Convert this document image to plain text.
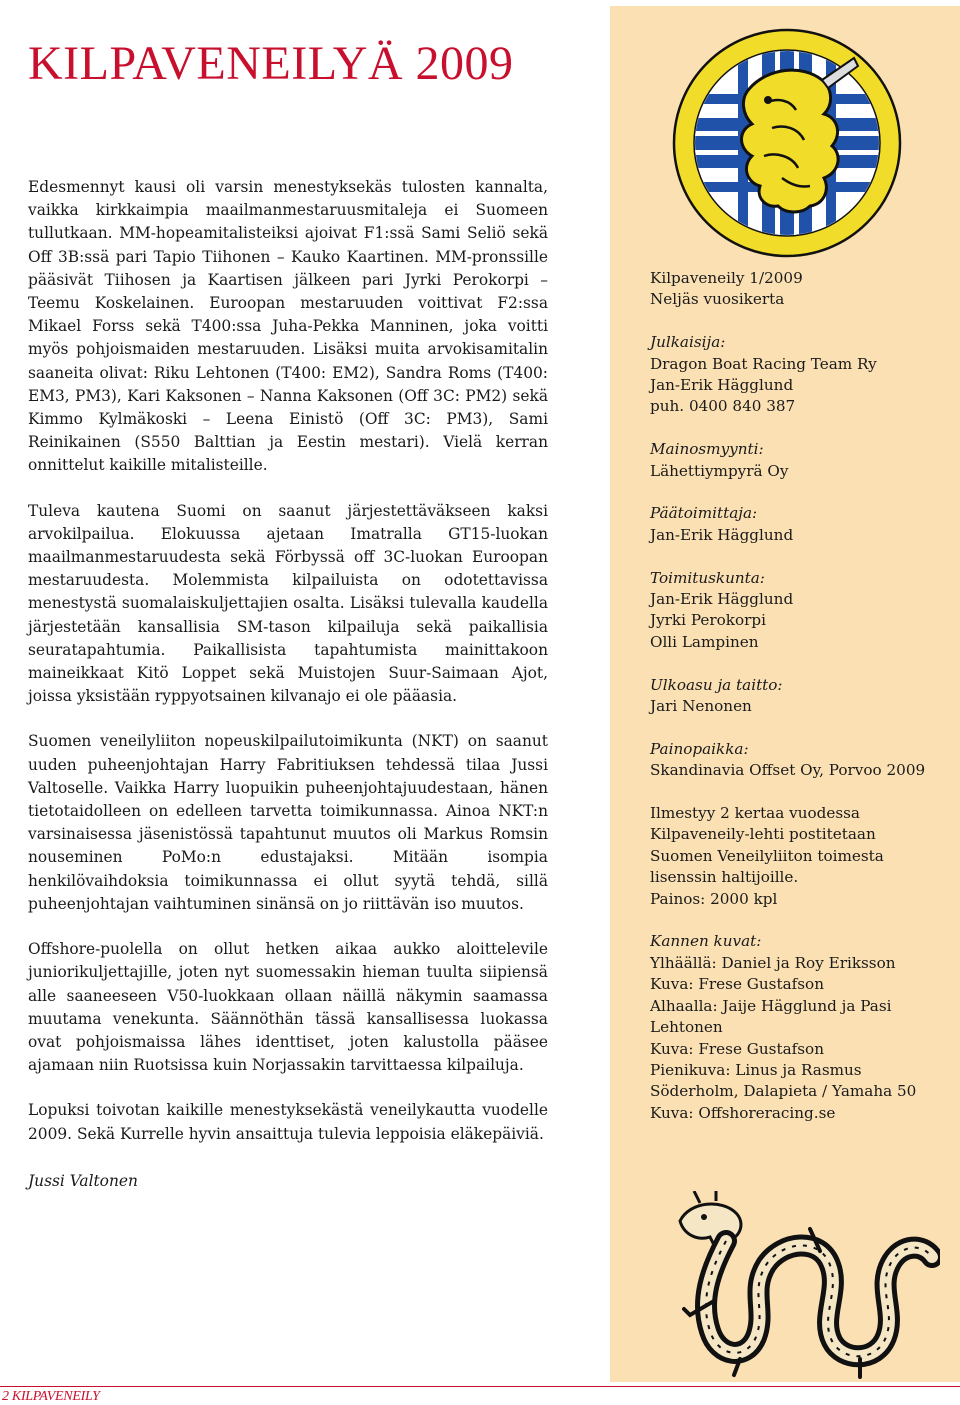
KILPAVENEILYÄ 2009

Edesmennyt kausi oli varsin menestyksekäs tulosten kannalta, vaikka kirkkaimpia maailmanmestaruusmitaleja ei Suomeen tullutkaan. MM-hopeamitalisteiksi ajoivat F1:ssä Sami Seliö sekä Off 3B:ssä pari Tapio Tiihonen – Kauko Kaartinen. MM-pronssille pääsivät Tiihosen ja Kaartisen jälkeen pari Jyrki Perokorpi – Teemu Koskelainen. Euroopan mestaruuden voittivat F2:ssa Mikael Forss sekä T400:ssa Juha-Pekka Manninen, joka voitti myös pohjoismaiden mestaruuden. Lisäksi muita arvokisamitalin saaneita olivat: Riku Lehtonen (T400: EM2), Sandra Roms (T400: EM3, PM3), Kari Kaksonen – Nanna Kaksonen (Off 3C: PM2) sekä Kimmo Kylmäkoski – Leena Einistö (Off 3C: PM3), Sami Reinikainen (S550 Balttian ja Eestin mestari). Vielä kerran onnittelut kaikille mitalisteille.

Tuleva kautena Suomi on saanut järjestettäväkseen kaksi arvokilpailua. Elokuussa ajetaan Imatralla GT15-luokan maailmanmestaruudesta sekä Förbyssä off 3C-luokan Euroopan mestaruudesta. Molemmista kilpailuista on odotettavissa menestystä suomalaiskuljettajien osalta. Lisäksi tulevalla kaudella järjestetään kansallisia SM-tason kilpailuja sekä paikallisia seuratapahtumia. Paikallisista tapahtumista mainittakoon maineikkaat Kitö Loppet sekä Muistojen Suur-Saimaan Ajot, joissa yksistään ryppyotsainen kilvanajo ei ole pääasia.

Suomen veneilyliiton nopeuskilpailutoimikunta (NKT) on saanut uuden puheenjohtajan Harry Fabritiuksen tehdessä tilaa Jussi Valtoselle. Vaikka Harry luopuikin puheenjohtajuudestaan, hänen tietotaidolleen on edelleen tarvetta toimikunnassa. Ainoa NKT:n varsinaisessa jäsenistössä tapahtunut muutos oli Markus Romsin nouseminen PoMo:n edustajaksi. Mitään isompia henkilövaihdoksia toimikunnassa ei ollut syytä tehdä, sillä puheenjohtajan vaihtuminen sinänsä on jo riittävän iso muutos.

Offshore-puolella on ollut hetken aikaa aukko aloittelevile juniorikuljettajille, joten nyt suomessakin hieman tuulta siipiensä alle saaneeseen V50-luokkaan ollaan näillä näkymin saamassa muutama venekunta. Säännöthän tässä kansallisessa luokassa ovat pohjoismaissa lähes identtiset, joten kalustolla pääsee ajamaan niin Ruotsissa kuin Norjassakin tarvittaessa kilpailuja.

Lopuksi toivotan kaikille menestyksekästä veneilykautta vuodelle 2009. Sekä Kurrelle hyvin ansaittuja tulevia leppoisia eläkepäiviä.

Jussi Valtonen
Kilpaveneily 1/2009
Neljäs vuosikerta
Julkaisija:
Dragon Boat Racing Team Ry
Jan-Erik Hägglund
puh. 0400 840 387
Mainosmyynti:
Lähettiympyrä Oy
Päätoimittaja:
Jan-Erik Hägglund
Toimituskunta:
Jan-Erik Hägglund
Jyrki Perokorpi
Olli Lampinen
Ulkoasu ja taitto:
Jari Nenonen
Painopaikka:
Skandinavia Offset Oy, Porvoo 2009
Ilmestyy 2 kertaa vuodessa
Kilpaveneily-lehti postitetaan
Suomen Veneilyliiton toimesta
lisenssin haltijoille.
Painos: 2000 kpl
Kannen kuvat:
Ylhäällä: Daniel ja Roy Eriksson
Kuva: Frese Gustafson
Alhaalla: Jaije Hägglund ja Pasi Lehtonen
Kuva: Frese Gustafson
Pienikuva: Linus ja Rasmus Söderholm, Dalapieta / Yamaha 50
Kuva: Offshoreracing.se
2 KILPAVENEILY
